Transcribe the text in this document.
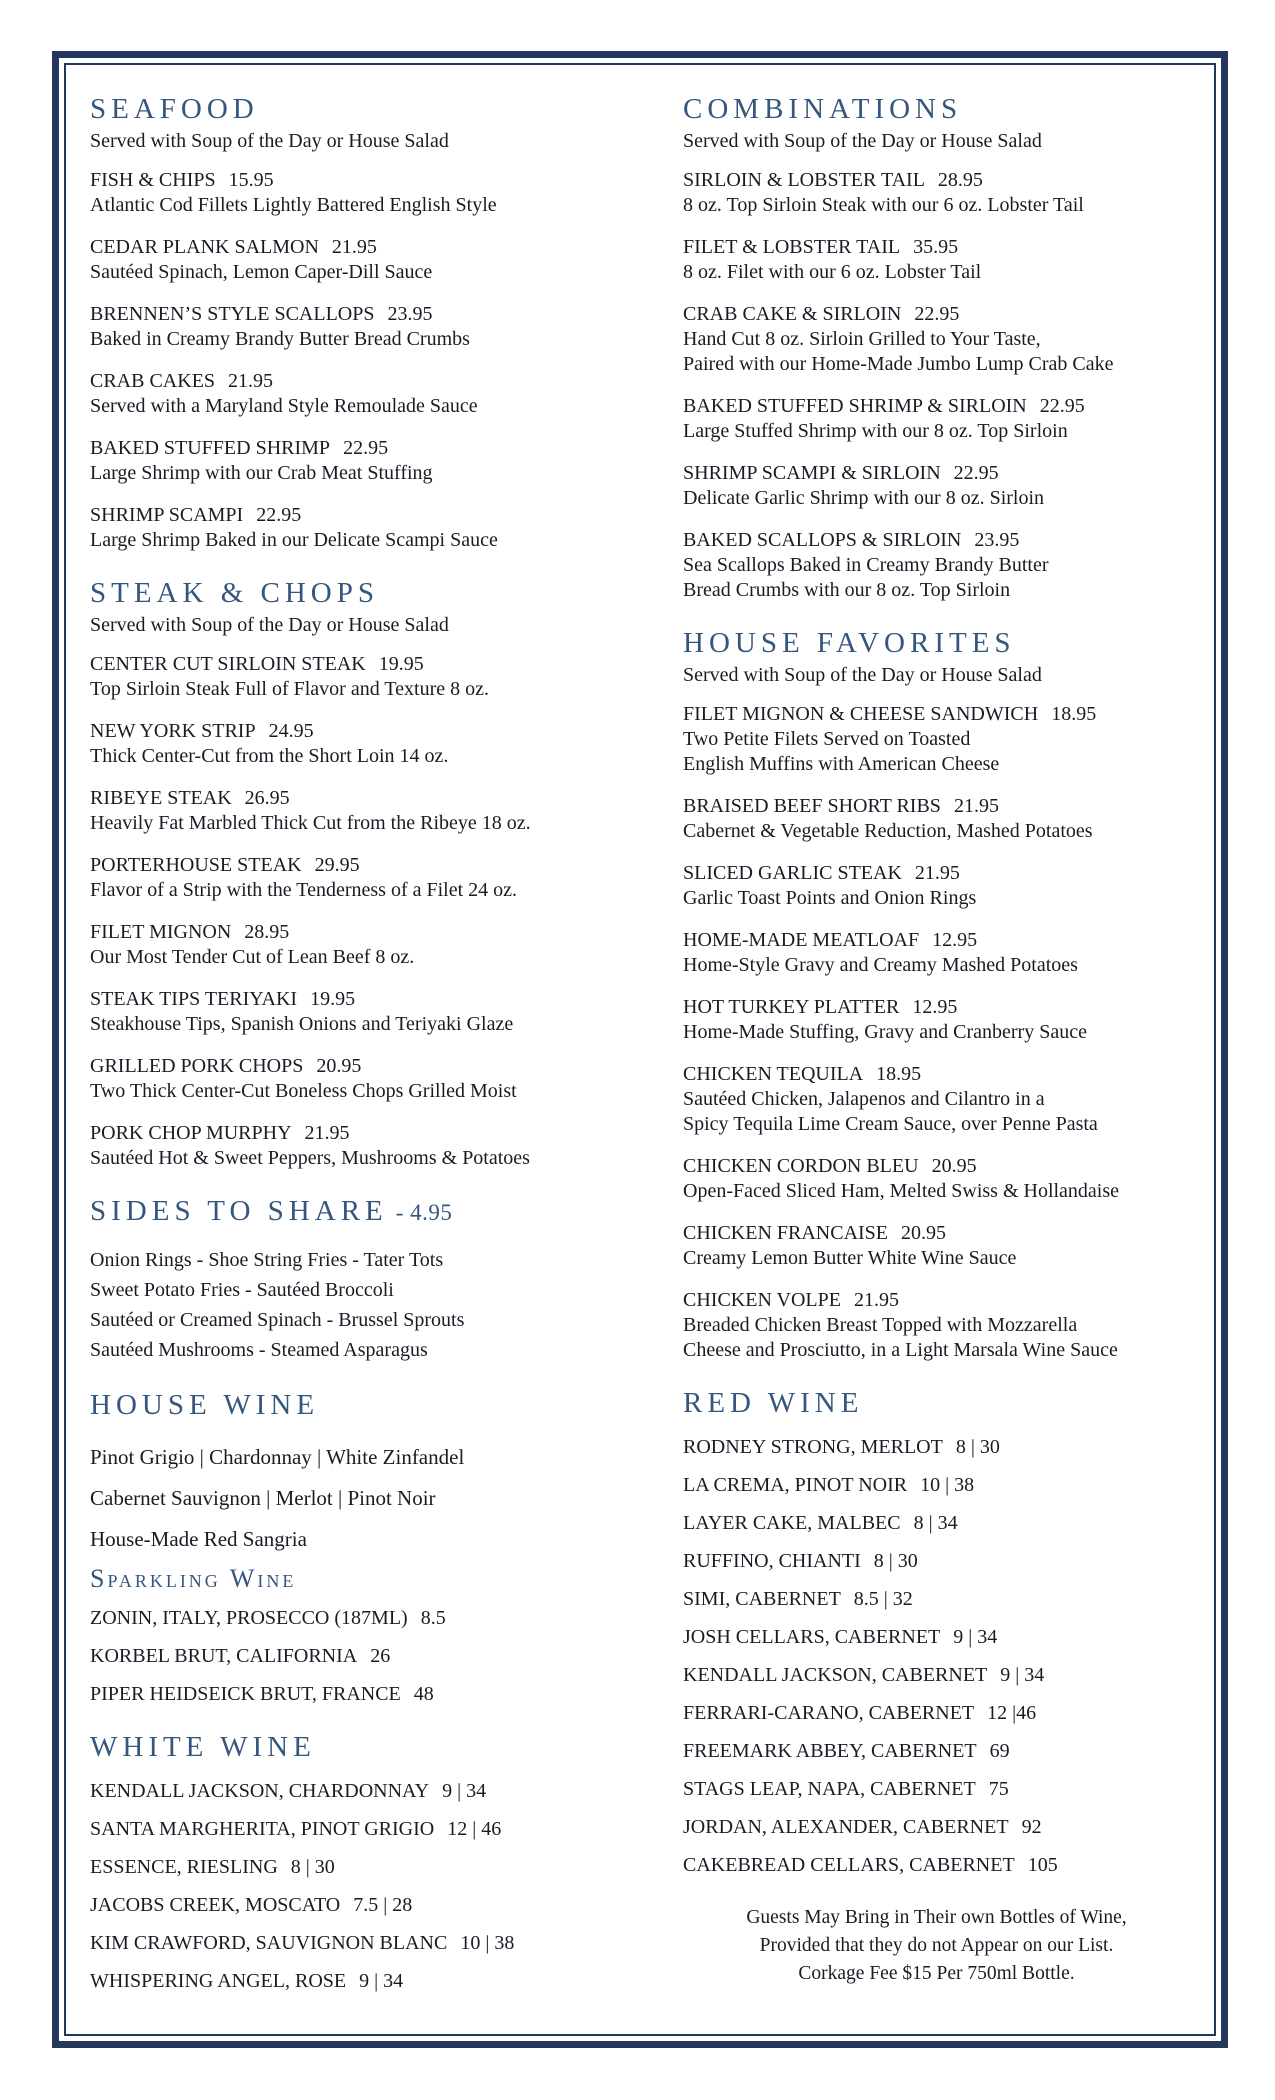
SEAFOOD
Served with Soup of the Day or House Salad
FISH & CHIPS 15.95
Atlantic Cod Fillets Lightly Battered English Style
CEDAR PLANK SALMON 21.95
Sautéed Spinach, Lemon Caper-Dill Sauce
BRENNEN’S STYLE SCALLOPS 23.95
Baked in Creamy Brandy Butter Bread Crumbs
CRAB CAKES 21.95
Served with a Maryland Style Remoulade Sauce
BAKED STUFFED SHRIMP 22.95
Large Shrimp with our Crab Meat Stuffing
SHRIMP SCAMPI 22.95
Large Shrimp Baked in our Delicate Scampi Sauce
STEAK & CHOPS
Served with Soup of the Day or House Salad
CENTER CUT SIRLOIN STEAK 19.95
Top Sirloin Steak Full of Flavor and Texture 8 oz.
NEW YORK STRIP 24.95
Thick Center-Cut from the Short Loin 14 oz.
RIBEYE STEAK 26.95
Heavily Fat Marbled Thick Cut from the Ribeye 18 oz.
PORTERHOUSE STEAK 29.95
Flavor of a Strip with the Tenderness of a Filet 24 oz.
FILET MIGNON 28.95
Our Most Tender Cut of Lean Beef 8 oz.
STEAK TIPS TERIYAKI 19.95
Steakhouse Tips, Spanish Onions and Teriyaki Glaze
GRILLED PORK CHOPS 20.95
Two Thick Center-Cut Boneless Chops Grilled Moist
PORK CHOP MURPHY 21.95
Sautéed Hot & Sweet Peppers, Mushrooms & Potatoes
SIDES TO SHARE - 4.95
Onion Rings - Shoe String Fries - Tater Tots
Sweet Potato Fries - Sautéed Broccoli
Sautéed or Creamed Spinach - Brussel Sprouts
Sautéed Mushrooms - Steamed Asparagus
HOUSE WINE
Pinot Grigio | Chardonnay | White Zinfandel
Cabernet Sauvignon | Merlot | Pinot Noir
House-Made Red Sangria
Sparkling Wine
ZONIN, ITALY, PROSECCO (187ML) 8.5
KORBEL BRUT, CALIFORNIA 26
PIPER HEIDSEICK BRUT, FRANCE 48
WHITE WINE
KENDALL JACKSON, CHARDONNAY 9 | 34
SANTA MARGHERITA, PINOT GRIGIO 12 | 46
ESSENCE, RIESLING 8 | 30
JACOBS CREEK, MOSCATO 7.5 | 28
KIM CRAWFORD, SAUVIGNON BLANC 10 | 38
WHISPERING ANGEL, ROSE 9 | 34
COMBINATIONS
Served with Soup of the Day or House Salad
SIRLOIN & LOBSTER TAIL 28.95
8 oz. Top Sirloin Steak with our 6 oz. Lobster Tail
FILET & LOBSTER TAIL 35.95
8 oz. Filet with our 6 oz. Lobster Tail
CRAB CAKE & SIRLOIN 22.95
Hand Cut 8 oz. Sirloin Grilled to Your Taste,
Paired with our Home-Made Jumbo Lump Crab Cake
BAKED STUFFED SHRIMP & SIRLOIN 22.95
Large Stuffed Shrimp with our 8 oz. Top Sirloin
SHRIMP SCAMPI & SIRLOIN 22.95
Delicate Garlic Shrimp with our 8 oz. Sirloin
BAKED SCALLOPS & SIRLOIN 23.95
Sea Scallops Baked in Creamy Brandy Butter
Bread Crumbs with our 8 oz. Top Sirloin
HOUSE FAVORITES
Served with Soup of the Day or House Salad
FILET MIGNON & CHEESE SANDWICH 18.95
Two Petite Filets Served on Toasted
English Muffins with American Cheese
BRAISED BEEF SHORT RIBS 21.95
Cabernet & Vegetable Reduction, Mashed Potatoes
SLICED GARLIC STEAK 21.95
Garlic Toast Points and Onion Rings
HOME-MADE MEATLOAF 12.95
Home-Style Gravy and Creamy Mashed Potatoes
HOT TURKEY PLATTER 12.95
Home-Made Stuffing, Gravy and Cranberry Sauce
CHICKEN TEQUILA 18.95
Sautéed Chicken, Jalapenos and Cilantro in a
Spicy Tequila Lime Cream Sauce, over Penne Pasta
CHICKEN CORDON BLEU 20.95
Open-Faced Sliced Ham, Melted Swiss & Hollandaise
CHICKEN FRANCAISE 20.95
Creamy Lemon Butter White Wine Sauce
CHICKEN VOLPE 21.95
Breaded Chicken Breast Topped with Mozzarella
Cheese and Prosciutto, in a Light Marsala Wine Sauce
RED WINE
RODNEY STRONG, MERLOT 8 | 30
LA CREMA, PINOT NOIR 10 | 38
LAYER CAKE, MALBEC 8 | 34
RUFFINO, CHIANTI 8 | 30
SIMI, CABERNET 8.5 | 32
JOSH CELLARS, CABERNET 9 | 34
KENDALL JACKSON, CABERNET 9 | 34
FERRARI-CARANO, CABERNET 12 |46
FREEMARK ABBEY, CABERNET 69
STAGS LEAP, NAPA, CABERNET 75
JORDAN, ALEXANDER, CABERNET 92
CAKEBREAD CELLARS, CABERNET 105
Guests May Bring in Their own Bottles of Wine,
Provided that they do not Appear on our List.
Corkage Fee $15 Per 750ml Bottle.
